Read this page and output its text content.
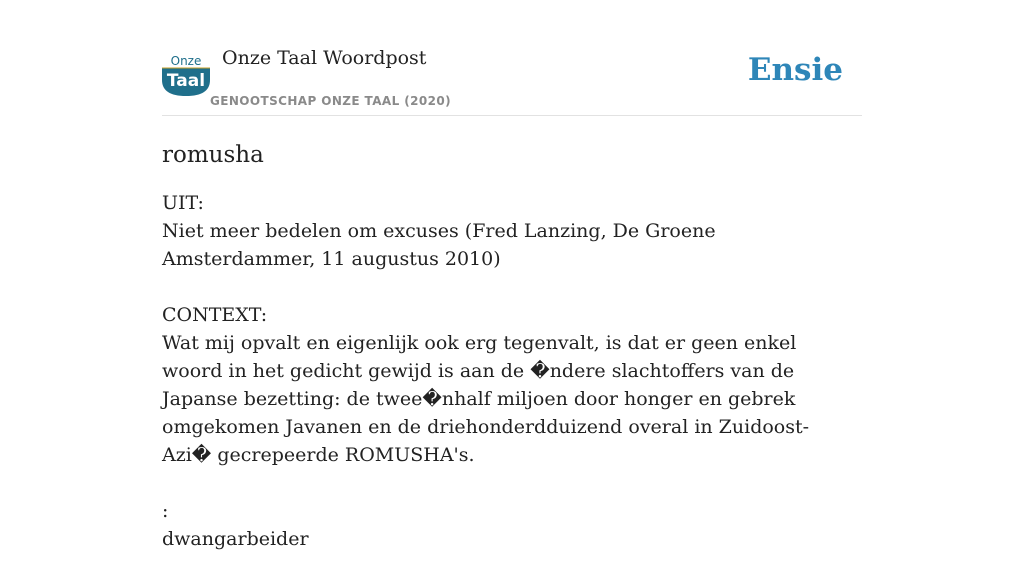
Onze
Taal
Onze Taal Woordpost
GENOOTSCHAP ONZE TAAL (2020)
Ensie
romusha
UIT:
Niet meer bedelen om excuses (Fred Lanzing, De Groene Amsterdammer, 11 augustus 2010)
CONTEXT:
Wat mij opvalt en eigenlijk ook erg tegenvalt, is dat er geen enkel woord in het gedicht gewijd is aan de �ndere slachtoffers van de Japanse bezetting: de twee�nhalf miljoen door honger en gebrek omgekomen Javanen en de driehonderdduizend overal in Zuidoost-Azi� gecrepeerde ROMUSHA's.
:
dwangarbeider
